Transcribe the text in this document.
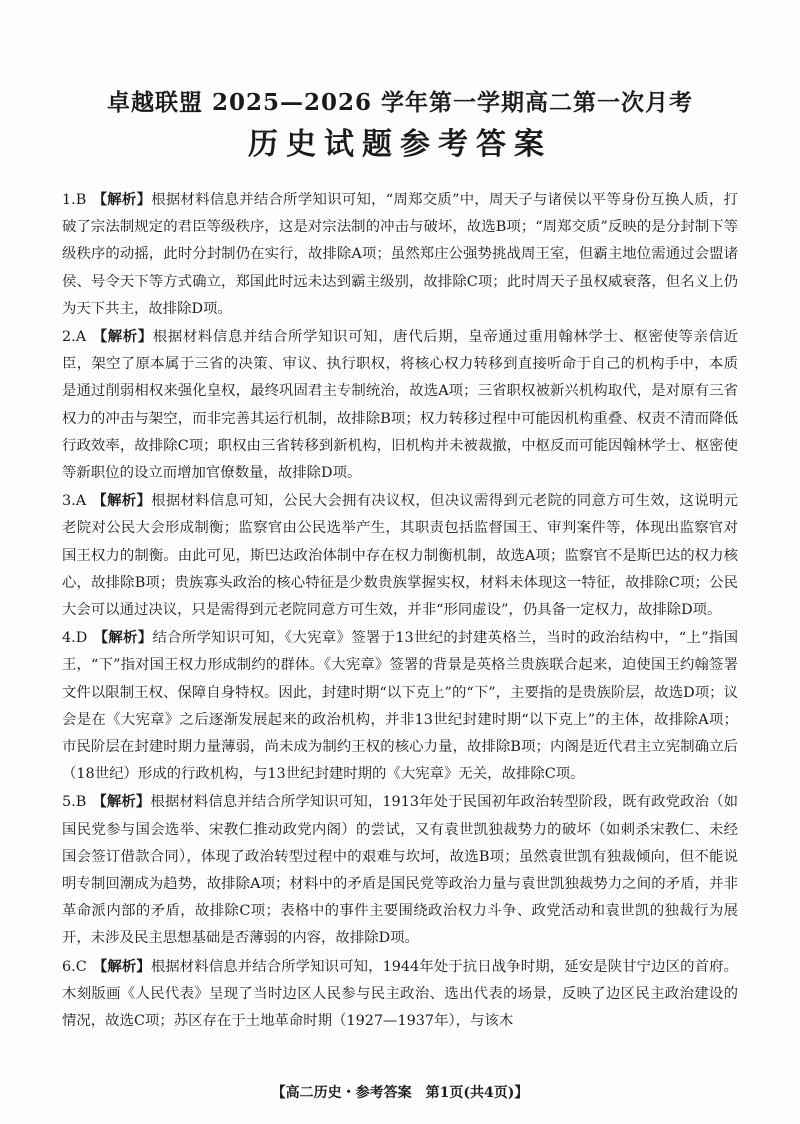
卓越联盟 2025—2026 学年第一学期高二第一次月考
历史试题参考答案

1.B 【解析】根据材料信息并结合所学知识可知，“周郑交质”中，周天子与诸侯以平等身份互换人质，打破了宗法制规定的君臣等级秩序，这是对宗法制的冲击与破坏，故选B项；“周郑交质”反映的是分封制下等级秩序的动摇，此时分封制仍在实行，故排除A项；虽然郑庄公强势挑战周王室，但霸主地位需通过会盟诸侯、号令天下等方式确立，郑国此时远未达到霸主级别，故排除C项；此时周天子虽权威衰落，但名义上仍为天下共主，故排除D项。

2.A 【解析】根据材料信息并结合所学知识可知，唐代后期，皇帝通过重用翰林学士、枢密使等亲信近臣，架空了原本属于三省的决策、审议、执行职权，将核心权力转移到直接听命于自己的机构手中，本质是通过削弱相权来强化皇权，最终巩固君主专制统治，故选A项；三省职权被新兴机构取代，是对原有三省权力的冲击与架空，而非完善其运行机制，故排除B项；权力转移过程中可能因机构重叠、权责不清而降低行政效率，故排除C项；职权由三省转移到新机构，旧机构并未被裁撤，中枢反而可能因翰林学士、枢密使等新职位的设立而增加官僚数量，故排除D项。

3.A 【解析】根据材料信息可知，公民大会拥有决议权，但决议需得到元老院的同意方可生效，这说明元老院对公民大会形成制衡；监察官由公民选举产生，其职责包括监督国王、审判案件等，体现出监察官对国王权力的制衡。由此可见，斯巴达政治体制中存在权力制衡机制，故选A项；监察官不是斯巴达的权力核心，故排除B项；贵族寡头政治的核心特征是少数贵族掌握实权，材料未体现这一特征，故排除C项；公民大会可以通过决议，只是需得到元老院同意方可生效，并非“形同虚设”，仍具备一定权力，故排除D项。

4.D 【解析】结合所学知识可知，《大宪章》签署于13世纪的封建英格兰，当时的政治结构中，“上”指国王，“下”指对国王权力形成制约的群体。《大宪章》签署的背景是英格兰贵族联合起来，迫使国王约翰签署文件以限制王权、保障自身特权。因此，封建时期“以下克上”的“下”，主要指的是贵族阶层，故选D项；议会是在《大宪章》之后逐渐发展起来的政治机构，并非13世纪封建时期“以下克上”的主体，故排除A项；市民阶层在封建时期力量薄弱，尚未成为制约王权的核心力量，故排除B项；内阁是近代君主立宪制确立后（18世纪）形成的行政机构，与13世纪封建时期的《大宪章》无关，故排除C项。

5.B 【解析】根据材料信息并结合所学知识可知，1913年处于民国初年政治转型阶段，既有政党政治（如国民党参与国会选举、宋教仁推动政党内阁）的尝试，又有袁世凯独裁势力的破坏（如刺杀宋教仁、未经国会签订借款合同），体现了政治转型过程中的艰难与坎坷，故选B项；虽然袁世凯有独裁倾向，但不能说明专制回潮成为趋势，故排除A项；材料中的矛盾是国民党等政治力量与袁世凯独裁势力之间的矛盾，并非革命派内部的矛盾，故排除C项；表格中的事件主要围绕政治权力斗争、政党活动和袁世凯的独裁行为展开，未涉及民主思想基础是否薄弱的内容，故排除D项。

6.C 【解析】根据材料信息并结合所学知识可知，1944年处于抗日战争时期，延安是陕甘宁边区的首府。木刻版画《人民代表》呈现了当时边区人民参与民主政治、选出代表的场景，反映了边区民主政治建设的情况，故选C项；苏区存在于土地革命时期（1927—1937年），与该木

【高二历史・参考答案　第1页(共4页)】
